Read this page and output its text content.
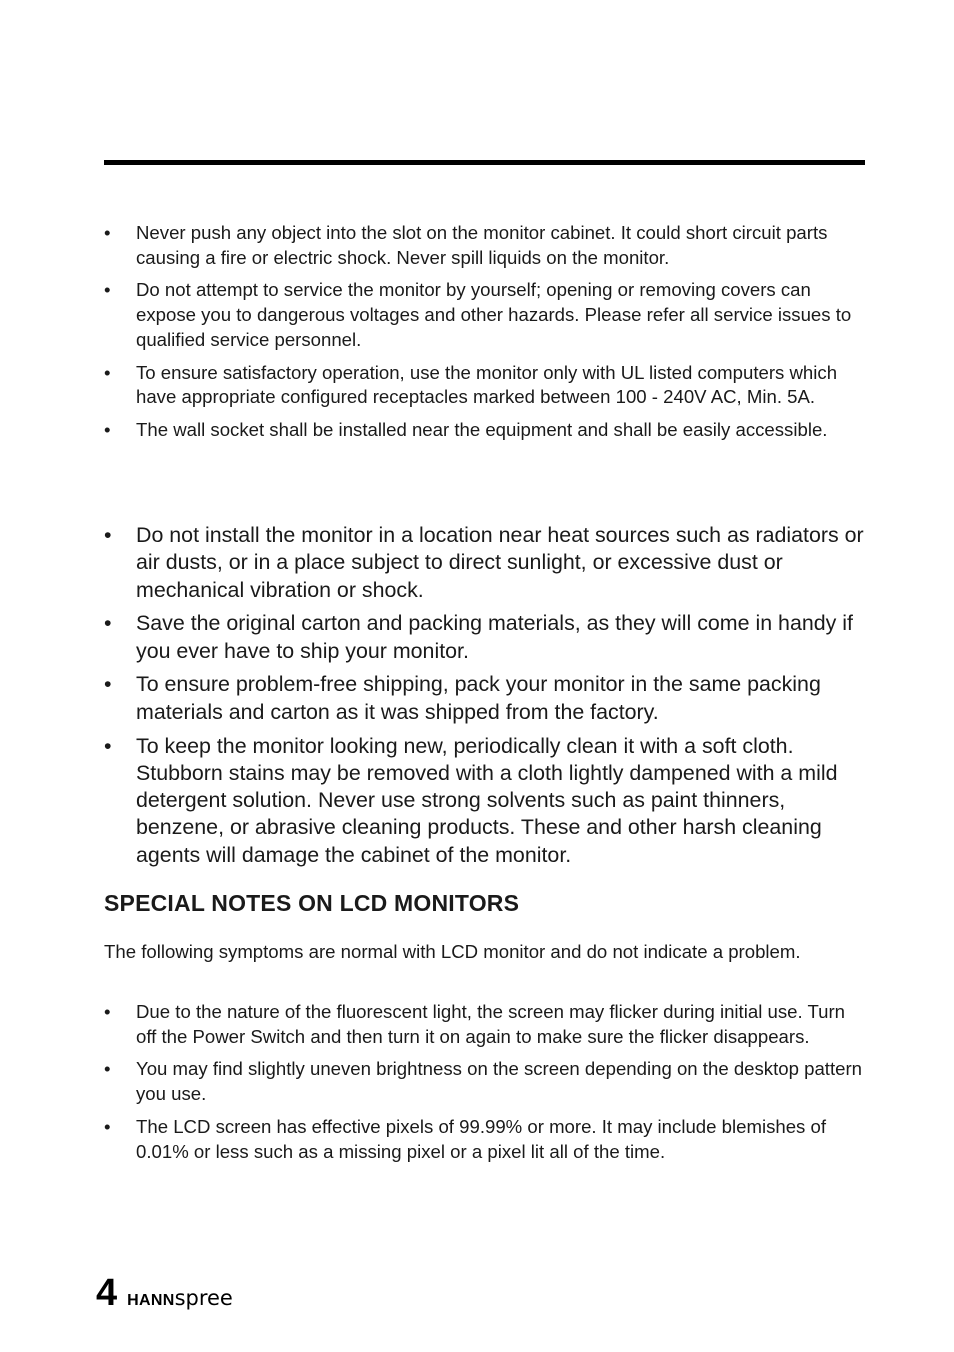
• Never push any object into the slot on the monitor cabinet. It could short circuit parts causing a fire or electric shock. Never spill liquids on the monitor.
• Do not attempt to service the monitor by yourself; opening or removing covers can expose you to dangerous voltages and other hazards. Please refer all service issues to qualified service personnel.
• To ensure satisfactory operation, use the monitor only with UL listed computers which have appropriate configured receptacles marked between 100 - 240V AC, Min. 5A.
• The wall socket shall be installed near the equipment and shall be easily accessible.
• Do not install the monitor in a location near heat sources such as radiators or air dusts, or in a place subject to direct sunlight, or excessive dust or mechanical vibration or shock.
• Save the original carton and packing materials, as they will come in handy if you ever have to ship your monitor.
• To ensure problem-free shipping, pack your monitor in the same packing materials and carton as it was shipped from the factory.
• To keep the monitor looking new, periodically clean it with a soft cloth. Stubborn stains may be removed with a cloth lightly dampened with a mild detergent solution. Never use strong solvents such as paint thinners, benzene, or abrasive cleaning products. These and other harsh cleaning agents will damage the cabinet of the monitor.
SPECIAL NOTES ON LCD MONITORS

The following symptoms are normal with LCD monitor and do not indicate a problem.

• Due to the nature of the fluorescent light, the screen may flicker during initial use. Turn off the Power Switch and then turn it on again to make sure the flicker disappears.
• You may find slightly uneven brightness on the screen depending on the desktop pattern you use.
• The LCD screen has effective pixels of 99.99% or more. It may include blemishes of 0.01% or less such as a missing pixel or a pixel lit all of the time.
4 HANNspree
